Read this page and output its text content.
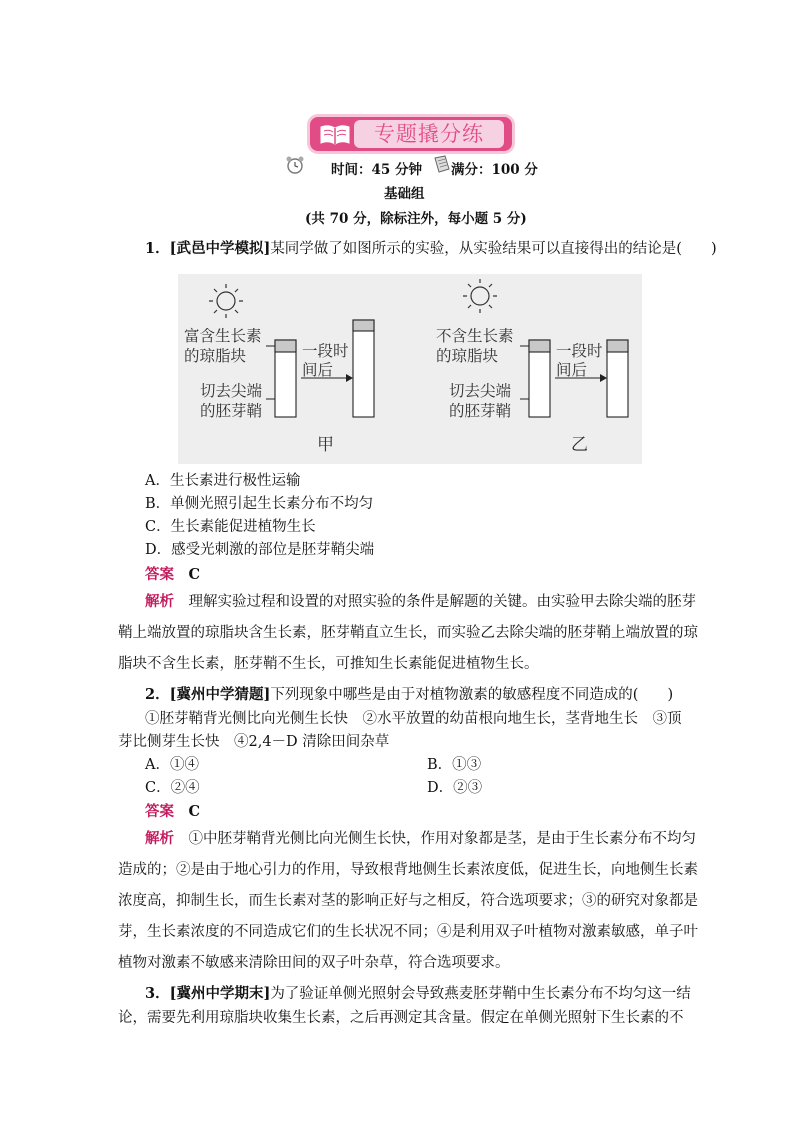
专题撬分练
时间：45 分钟 满分：100 分
基础组
(共 70 分，除标注外，每小题 5 分)
1．[武邑中学模拟]某同学做了如图所示的实验，从实验结果可以直接得出的结论是(　　)
富含生长素
的琼脂块
切去尖端
的胚芽鞘
一段时
间后
甲
不含生长素
的琼脂块
切去尖端
的胚芽鞘
一段时
间后
乙
A．生长素进行极性运输
B．单侧光照引起生长素分布不均匀
C．生长素能促进植物生长
D．感受光刺激的部位是胚芽鞘尖端
答案　 C
解析　 理解实验过程和设置的对照实验的条件是解题的关键。由实验甲去除尖端的胚芽
鞘上端放置的琼脂块含生长素，胚芽鞘直立生长，而实验乙去除尖端的胚芽鞘上端放置的琼
脂块不含生长素，胚芽鞘不生长，可推知生长素能促进植物生长。
2．[冀州中学猜题]下列现象中哪些是由于对植物激素的敏感程度不同造成的(　　)
①胚芽鞘背光侧比向光侧生长快　②水平放置的幼苗根向地生长，茎背地生长　③顶
芽比侧芽生长快　④2,4－D 清除田间杂草
A．①④	B．①③
C．②④	D．②③
答案　 C
解析　 ①中胚芽鞘背光侧比向光侧生长快，作用对象都是茎，是由于生长素分布不均匀
造成的；②是由于地心引力的作用，导致根背地侧生长素浓度低，促进生长，向地侧生长素
浓度高，抑制生长，而生长素对茎的影响正好与之相反，符合选项要求；③的研究对象都是
芽，生长素浓度的不同造成它们的生长状况不同；④是利用双子叶植物对激素敏感，单子叶
植物对激素不敏感来清除田间的双子叶杂草，符合选项要求。
3．[冀州中学期末]为了验证单侧光照射会导致燕麦胚芽鞘中生长素分布不均匀这一结
论，需要先利用琼脂块收集生长素，之后再测定其含量。假定在单侧光照射下生长素的不
